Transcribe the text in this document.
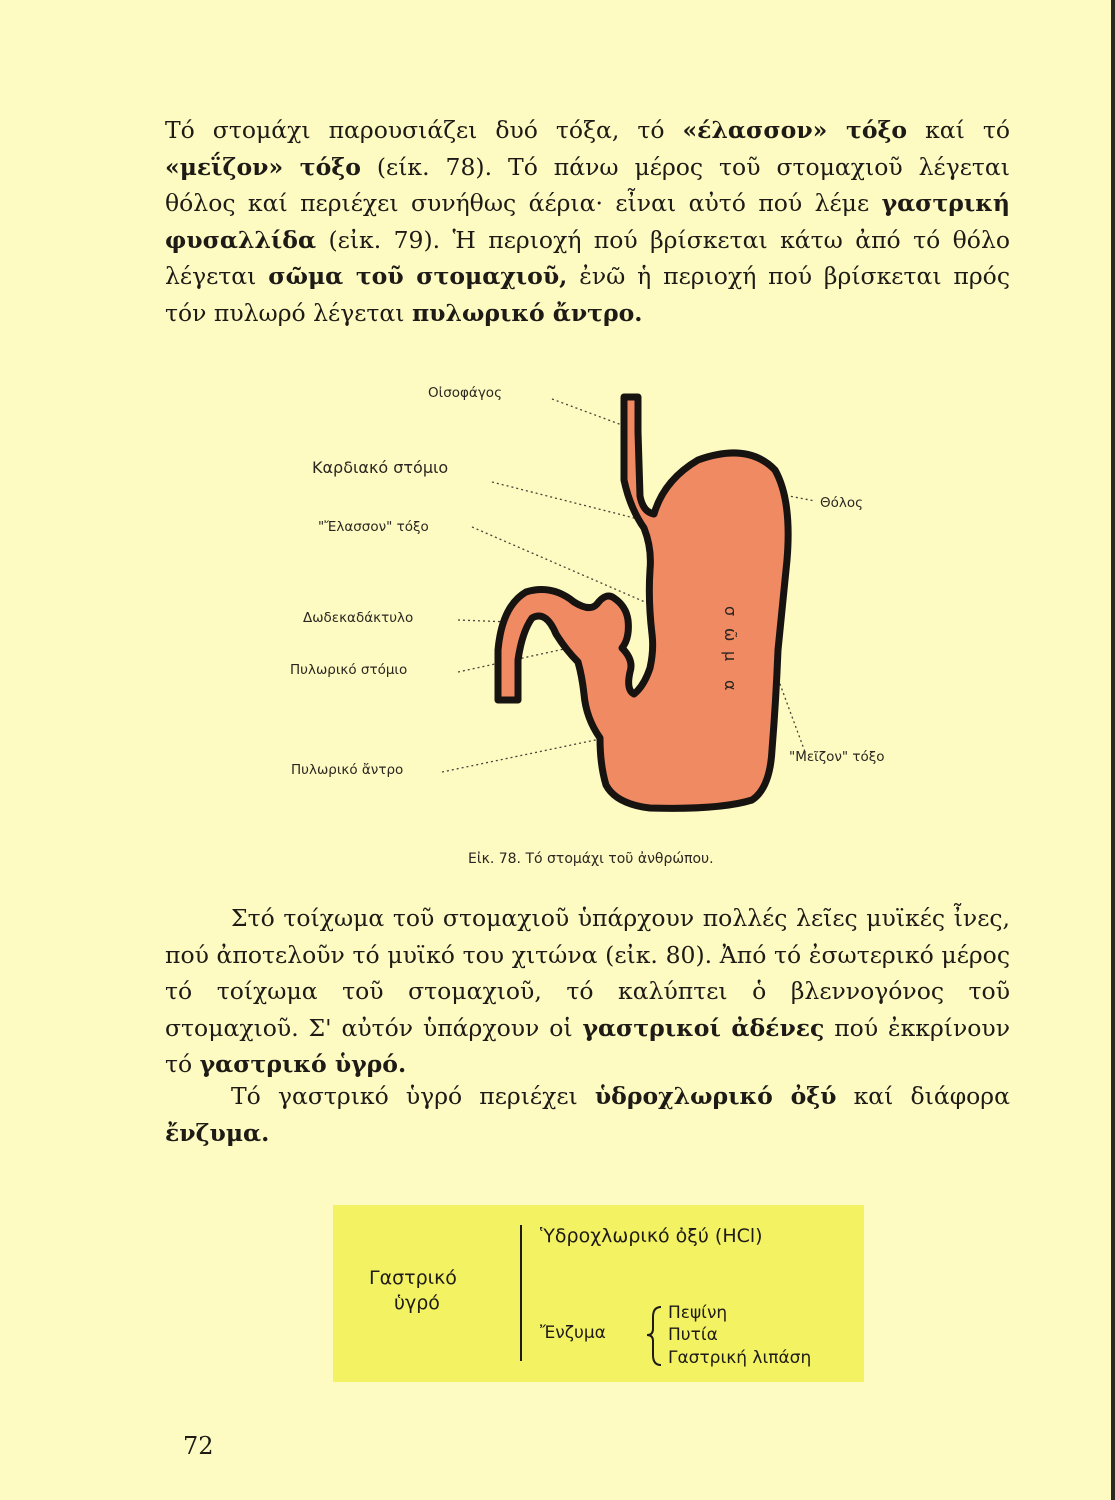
Τό στομάχι παρουσιάζει δυό τόξα, τό «έλασσον» τόξο καί τό «μεΐζον» τόξο (είκ. 78). Τό πάνω μέρος τοῦ στομαχιοῦ λέγεται θόλος καί περιέχει συνήθως άέρια· εἶναι αὐτό πού λέμε γαστρική φυσαλλίδα (εἰκ. 79). Ἡ περιοχή πού βρίσκεται κάτω ἀπό τό θόλο λέγεται σῶμα τοῦ στομαχιοῦ, ἐνῶ ἡ περιοχή πού βρίσκεται πρός τόν πυλωρό λέγεται πυλωρικό ἄντρο.

σ
ῶ
μ
α
Οἰσοφάγος
Καρδιακό στόμιο
"Ἔλασσον" τόξο
Θόλος
Δωδεκαδάκτυλο
Πυλωρικό στόμιο
"Μεῖζον" τόξο
Πυλωρικό ἄντρο
Εἰκ. 78. Τό στομάχι τοῦ ἀνθρώπου.

Στό τοίχωμα τοῦ στομαχιοῦ ὑπάρχουν πολλές λεῖες μυϊκές ἶνες, πού ἀποτελοῦν τό μυϊκό του χιτώνα (εἰκ. 80). Ἀπό τό ἐσωτερικό μέρος τό τοίχωμα τοῦ στομαχιοῦ, τό καλύπτει ὁ βλεννογόνος τοῦ στομαχιοῦ. Σ' αὐτόν ὑπάρχουν οἱ γαστρικοί ἀδένες πού ἐκκρίνουν τό γαστρικό ὑγρό.

Τό γαστρικό ὑγρό περιέχει ὑδροχλωρικό ὀξύ καί διάφορα ἔνζυμα.

Γαστρικό
ὑγρό
Ὑδροχλωρικό ὀξύ (HCl)
Ἔνζυμα
Πεψίνη
Πυτία
Γαστρική λιπάση
72
